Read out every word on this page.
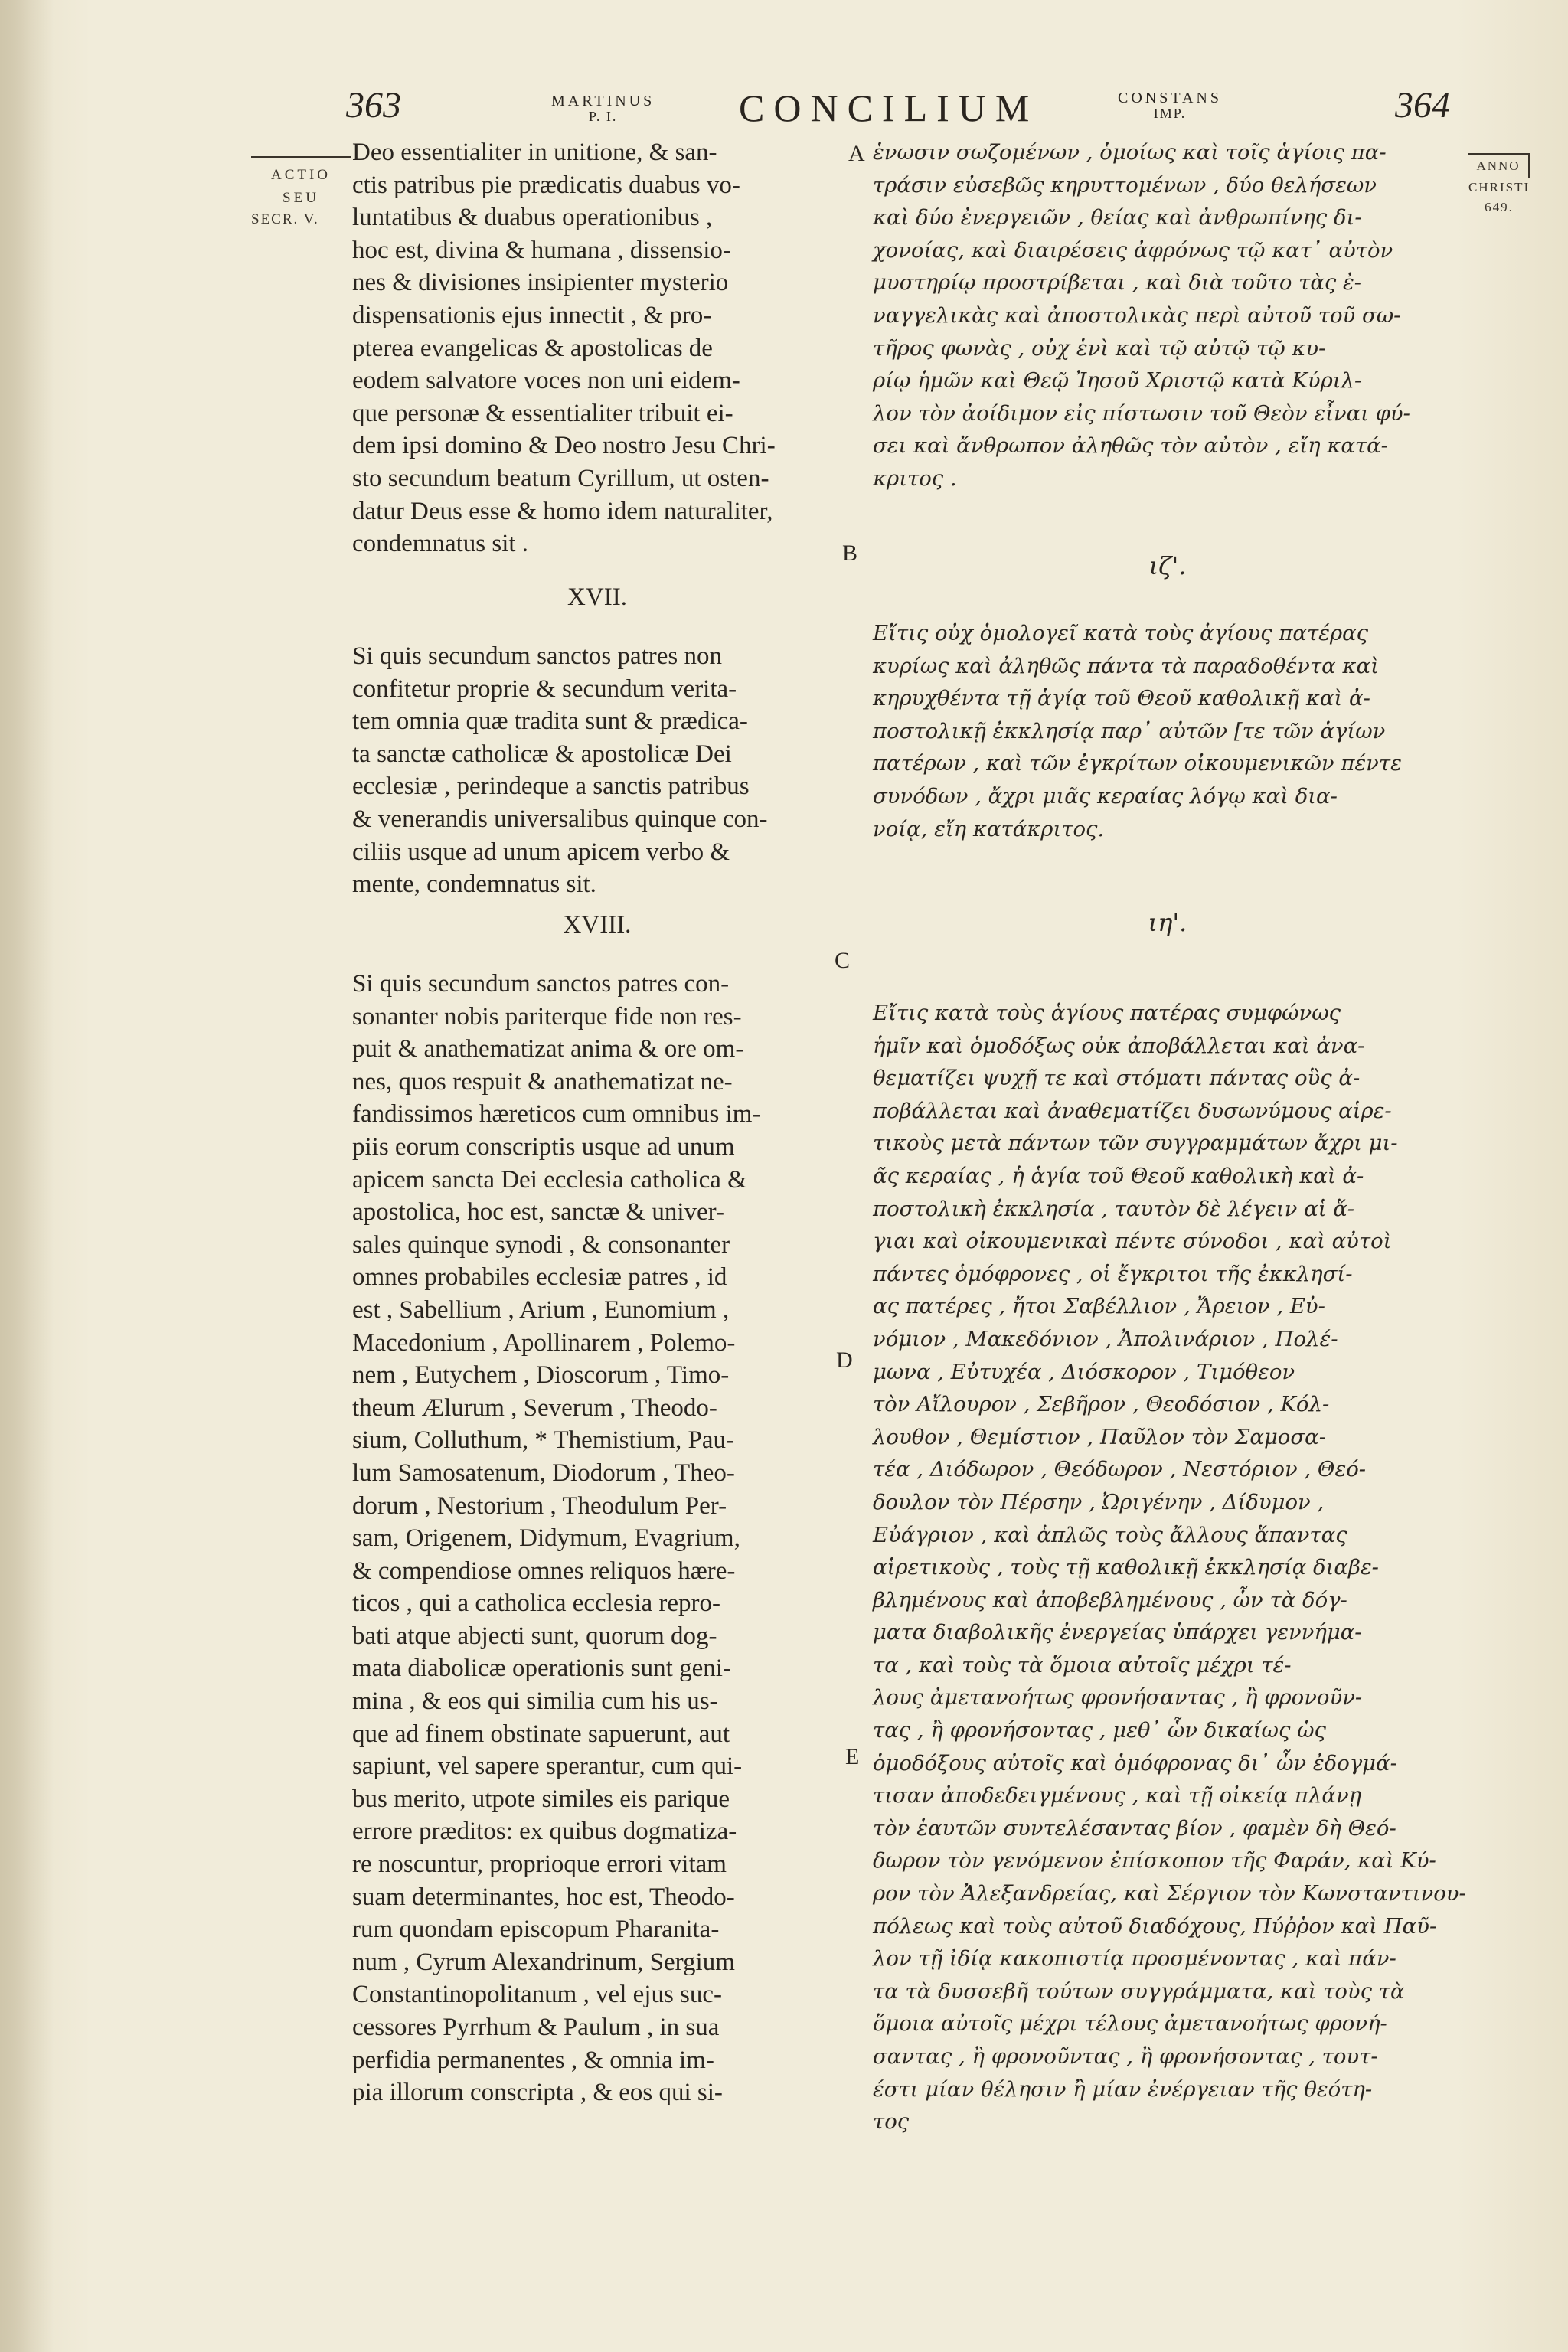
363	MARTINUS
P. I.	CONCILIUM	CONSTANS
IMP.	364
ACTIO
SEU
SECR. V.
ANNO
CHRISTI
649.
A
B
C
D
E
Deo essentialiter in unitione, & san-
ctis patribus pie prædicatis duabus vo-
luntatibus & duabus operationibus ,
hoc est, divina & humana , dissensio-
nes & divisiones insipienter mysterio
dispensationis ejus innectit , & pro-
pterea evangelicas & apostolicas de
eodem salvatore voces non uni eidem-
que personæ & essentialiter tribuit ei-
dem ipsi domino & Deo nostro Jesu Chri-
sto secundum beatum Cyrillum, ut osten-
datur Deus esse & homo idem naturaliter,
condemnatus sit .
XVII.
Si quis secundum sanctos patres non
confitetur proprie & secundum verita-
tem omnia quæ tradita sunt & prædica-
ta sanctæ catholicæ & apostolicæ Dei
ecclesiæ , perindeque a sanctis patribus
& venerandis universalibus quinque con-
ciliis usque ad unum apicem verbo &
mente, condemnatus sit.
XVIII.
Si quis secundum sanctos patres con-
sonanter nobis pariterque fide non res-
puit & anathematizat anima & ore om-
nes, quos respuit & anathematizat ne-
fandissimos hæreticos cum omnibus im-
piis eorum conscriptis usque ad unum
apicem sancta Dei ecclesia catholica &
apostolica, hoc est, sanctæ & univer-
sales quinque synodi , & consonanter
omnes probabiles ecclesiæ patres , id
est , Sabellium , Arium , Eunomium ,
Macedonium , Apollinarem , Polemo-
nem , Eutychem , Dioscorum , Timo-
theum Ælurum , Severum , Theodo-
sium, Colluthum, * Themistium, Pau-
lum Samosatenum, Diodorum , Theo-
dorum , Nestorium , Theodulum Per-
sam, Origenem, Didymum, Evagrium,
& compendiose omnes reliquos hære-
ticos , qui a catholica ecclesia repro-
bati atque abjecti sunt, quorum dog-
mata diabolicæ operationis sunt geni-
mina , & eos qui similia cum his us-
que ad finem obstinate sapuerunt, aut
sapiunt, vel sapere sperantur, cum qui-
bus merito, utpote similes eis parique
errore præditos: ex quibus dogmatiza-
re noscuntur, proprioque errori vitam
suam determinantes, hoc est, Theodo-
rum quondam episcopum Pharanita-
num , Cyrum Alexandrinum, Sergium
Constantinopolitanum , vel ejus suc-
cessores Pyrrhum & Paulum , in sua
perfidia permanentes , & omnia im-
pia illorum conscripta , & eos qui si-
ἑνωσιν σωζομένων , ὁμοίως καὶ τοῖς ἁγίοις πα-
τράσιν εὐσεβῶς κηρυττομένων , δύο θελήσεων
καὶ δύο ἐνεργειῶν , θείας καὶ ἀνθρωπίνης δι-
χονοίας, καὶ διαιρέσεις ἀφρόνως τῷ κατ᾽ αὐτὸν
μυστηρίῳ προστρίβεται , καὶ διὰ τοῦτο τὰς ἐ-
ναγγελικὰς καὶ ἀποστολικὰς περὶ αὐτοῦ τοῦ σω-
τῆρος φωνὰς , οὐχ ἑνὶ καὶ τῷ αὐτῷ τῷ κυ-
ρίῳ ἡμῶν καὶ Θεῷ Ἰησοῦ Χριστῷ κατὰ Κύριλ-
λον τὸν ἀοίδιμον εἰς πίστωσιν τοῦ Θεὸν εἶναι φύ-
σει καὶ ἄνθρωπον ἀληθῶς τὸν αὐτὸν , εἴη κατά-
κριτος .
ιζ'.
Εἴτις οὐχ ὁμολογεῖ κατὰ τοὺς ἁγίους πατέρας
κυρίως καὶ ἀληθῶς πάντα τὰ παραδοθέντα καὶ
κηρυχθέντα τῇ ἁγίᾳ τοῦ Θεοῦ καθολικῇ καὶ ἀ-
ποστολικῇ ἐκκλησίᾳ παρ᾽ αὐτῶν [τε τῶν ἁγίων
πατέρων , καὶ τῶν ἐγκρίτων οἰκουμενικῶν πέντε
συνόδων , ἄχρι μιᾶς κεραίας λόγῳ καὶ δια-
νοίᾳ, εἴη κατάκριτος.
ιη'.
Εἴτις κατὰ τοὺς ἁγίους πατέρας συμφώνως
ἡμῖν καὶ ὁμοδόξως οὐκ ἀποβάλλεται καὶ ἀνα-
θεματίζει ψυχῇ τε καὶ στόματι πάντας οὓς ἀ-
ποβάλλεται καὶ ἀναθεματίζει δυσωνύμους αἱρε-
τικοὺς μετὰ πάντων τῶν συγγραμμάτων ἄχρι μι-
ᾶς κεραίας , ἡ ἁγία τοῦ Θεοῦ καθολικὴ καὶ ἀ-
ποστολικὴ ἐκκλησία , ταυτὸν δὲ λέγειν αἱ ἅ-
γιαι καὶ οἰκουμενικαὶ πέντε σύνοδοι , καὶ αὐτοὶ
πάντες ὁμόφρονες , οἱ ἔγκριτοι τῆς ἐκκλησί-
ας πατέρες , ἤτοι Σαβέλλιον , Ἄρειον , Εὐ-
νόμιον , Μακεδόνιον , Ἀπολινάριον , Πολέ-
μωνα , Εὐτυχέα , Διόσκορον , Τιμόθεον
τὸν Αἴλουρον , Σεβῆρον , Θεοδόσιον , Κόλ-
λουθον , Θεμίστιον , Παῦλον τὸν Σαμοσα-
τέα , Διόδωρον , Θεόδωρον , Νεστόριον , Θεό-
δουλον τὸν Πέρσην , Ὠριγένην , Δίδυμον ,
Εὐάγριον , καὶ ἁπλῶς τοὺς ἄλλους ἅπαντας
αἱρετικοὺς , τοὺς τῇ καθολικῇ ἐκκλησίᾳ διαβε-
βλημένους καὶ ἀποβεβλημένους , ὧν τὰ δόγ-
ματα διαβολικῆς ἐνεργείας ὑπάρχει γεννήμα-
τα , καὶ τοὺς τὰ ὅμοια αὐτοῖς μέχρι τέ-
λους ἀμετανοήτως φρονήσαντας , ἢ φρονοῦν-
τας , ἢ φρονήσοντας , μεθ᾽ ὧν δικαίως ὡς
ὁμοδόξους αὐτοῖς καὶ ὁμόφρονας δι᾽ ὧν ἐδογμά-
τισαν ἀποδεδειγμένους , καὶ τῇ οἰκείᾳ πλάνῃ
τὸν ἑαυτῶν συντελέσαντας βίον , φαμὲν δὴ Θεό-
δωρον τὸν γενόμενον ἐπίσκοπον τῆς Φαράν, καὶ Κύ-
ρον τὸν Ἀλεξανδρείας, καὶ Σέργιον τὸν Κωνσταντινου-
πόλεως καὶ τοὺς αὐτοῦ διαδόχους, Πύῤῥον καὶ Παῦ-
λον τῇ ἰδίᾳ κακοπιστίᾳ προσμένοντας , καὶ πάν-
τα τὰ δυσσεβῆ τούτων συγγράμματα, καὶ τοὺς τὰ
ὅμοια αὐτοῖς μέχρι τέλους ἀμετανοήτως φρονή-
σαντας , ἢ φρονοῦντας , ἢ φρονήσοντας , τουτ-
έστι μίαν θέλησιν ἢ μίαν ἐνέργειαν τῆς θεότη-
τος
